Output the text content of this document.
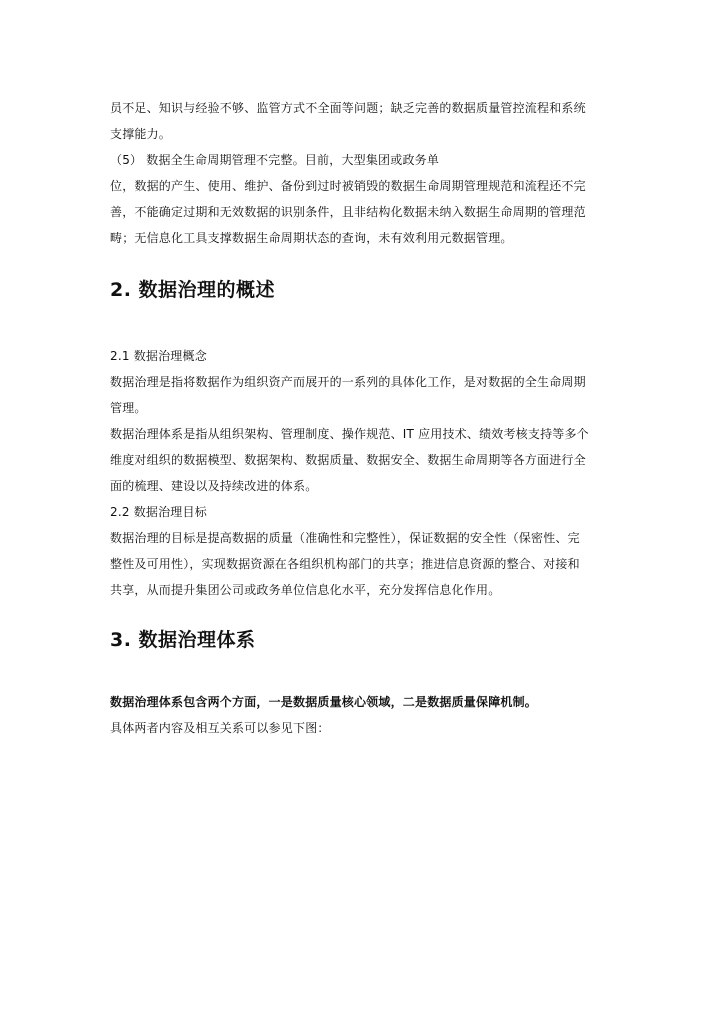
员不足、知识与经验不够、监管方式不全面等问题；缺乏完善的数据质量管控流程和系统

支撑能力。

（5） 数据全生命周期管理不完整。目前，大型集团或政务单

位，数据的产生、使用、维护、备份到过时被销毁的数据生命周期管理规范和流程还不完

善，不能确定过期和无效数据的识别条件，且非结构化数据未纳入数据生命周期的管理范

畴；无信息化工具支撑数据生命周期状态的查询，未有效利用元数据管理。

2. 数据治理的概述

2.1 数据治理概念

数据治理是指将数据作为组织资产而展开的一系列的具体化工作，是对数据的全生命周期

管理。

数据治理体系是指从组织架构、管理制度、操作规范、IT 应用技术、绩效考核支持等多个

维度对组织的数据模型、数据架构、数据质量、数据安全、数据生命周期等各方面进行全

面的梳理、建设以及持续改进的体系。

2.2 数据治理目标

数据治理的目标是提高数据的质量（准确性和完整性），保证数据的安全性（保密性、完

整性及可用性），实现数据资源在各组织机构部门的共享；推进信息资源的整合、对接和

共享，从而提升集团公司或政务单位信息化水平，充分发挥信息化作用。

3. 数据治理体系

数据治理体系包含两个方面，一是数据质量核心领域，二是数据质量保障机制。

具体两者内容及相互关系可以参见下图：
